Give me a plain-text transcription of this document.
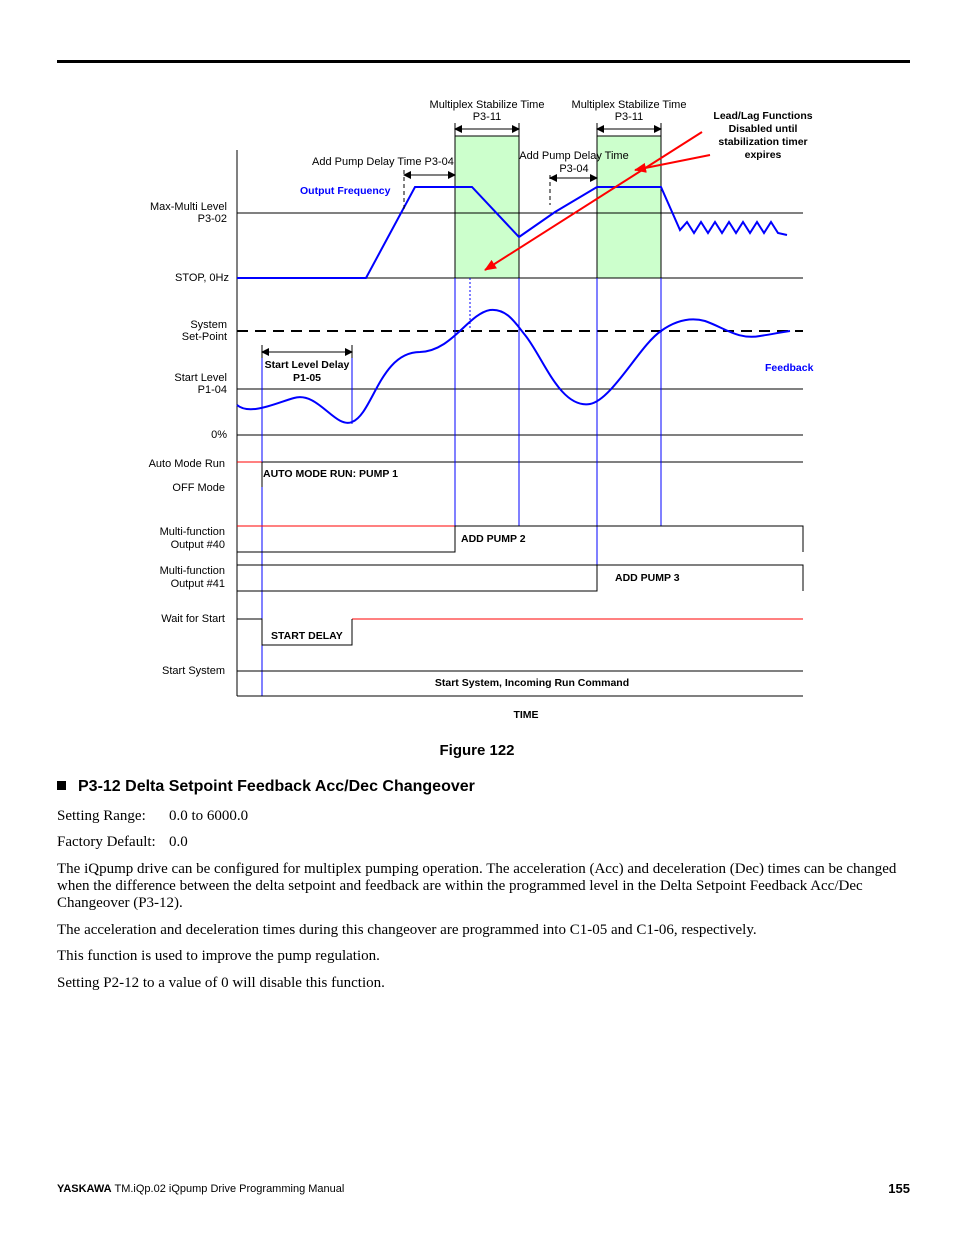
Max-Multi Level
P3-02
STOP, 0Hz
System
Set-Point
Start Level
P1-04
0%
Auto Mode Run
OFF Mode
Multi-function
Output #40
Multi-function
Output #41
Wait for Start
Start System
Multiplex Stabilize Time
P3-11
Multiplex Stabilize Time
P3-11
Add Pump Delay Time
P3-04
Add Pump Delay Time P3-04
Lead/Lag Functions
Disabled until
stabilization timer
expires
Output Frequency
Feedback
Start Level Delay
P1-05
AUTO MODE RUN: PUMP 1
ADD PUMP 2
ADD PUMP 3
START DELAY
Start System, Incoming Run Command
TIME
Figure 122
P3-12 Delta Setpoint Feedback Acc/Dec Changeover
Setting Range: 0.0 to 6000.0
Factory Default: 0.0
The iQpump drive can be configured for multiplex pumping operation. The acceleration (Acc) and deceleration (Dec) times can be changed when the difference between the delta setpoint and feedback are within the programmed level in the Delta Setpoint Feedback Acc/Dec Changeover (P3-12).
The acceleration and deceleration times during this changeover are programmed into C1-05 and C1-06, respectively.
This function is used to improve the pump regulation.
Setting P2-12 to a value of 0 will disable this function.
YASKAWA TM.iQp.02 iQpump Drive Programming Manual	155
